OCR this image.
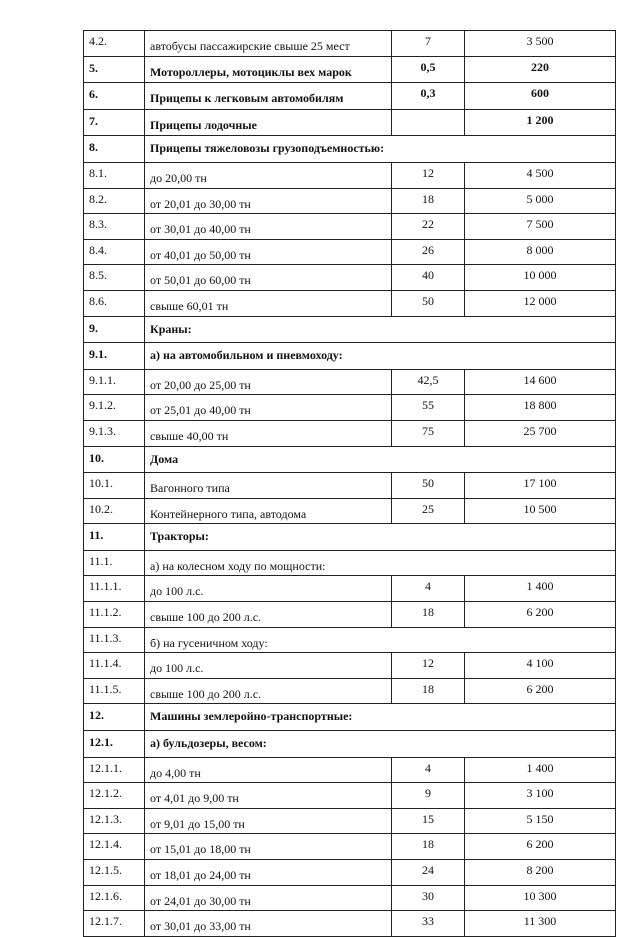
4.2.	автобусы пассажирские свыше 25 мест	7	3 500
5.	Мотороллеры, мотоциклы вех марок	0,5	220
6.	Прицепы к легковым автомобилям	0,3	600
7.	Прицепы лодочные		1 200
8.	Прицепы тяжеловозы грузоподъемностью:		

8.1.	до 20,00 тн	12	4 500
8.2.	от 20,01 до 30,00 тн	18	5 000
8.3.	от 30,01 до 40,00 тн	22	7 500
8.4.	от 40,01 до 50,00 тн	26	8 000
8.5.	от 50,01 до 60,00 тн	40	10 000
8.6.	свыше 60,01 тн	50	12 000
9.	Краны:		

9.1.	а) на автомобильном и пневмоходу:		

9.1.1.	от 20,00 до 25,00 тн	42,5	14 600
9.1.2.	от 25,01 до 40,00 тн	55	18 800
9.1.3.	свыше 40,00 тн	75	25 700
10.	Дома		

10.1.	Вагонного типа	50	17 100
10.2.	Контейнерного типа, автодома	25	10 500
11.	Тракторы:		

11.1.	а) на колесном ходу по мощности:		

11.1.1.	до 100 л.с.	4	1 400
11.1.2.	свыше 100 до 200 л.с.	18	6 200
11.1.3.	б) на гусеничном ходу:		

11.1.4.	до 100 л.с.	12	4 100
11.1.5.	свыше 100 до 200 л.с.	18	6 200
12.	Машины землеройно-транспортные:		

12.1.	а) бульдозеры, весом:		

12.1.1.	до 4,00 тн	4	1 400
12.1.2.	от 4,01 до 9,00 тн	9	3 100
12.1.3.	от 9,01 до 15,00 тн	15	5 150
12.1.4.	от 15,01 до 18,00 тн	18	6 200
12.1.5.	от 18,01 до 24,00 тн	24	8 200
12.1.6.	от 24,01 до 30,00 тн	30	10 300
12.1.7.	от 30,01 до 33,00 тн	33	11 300
